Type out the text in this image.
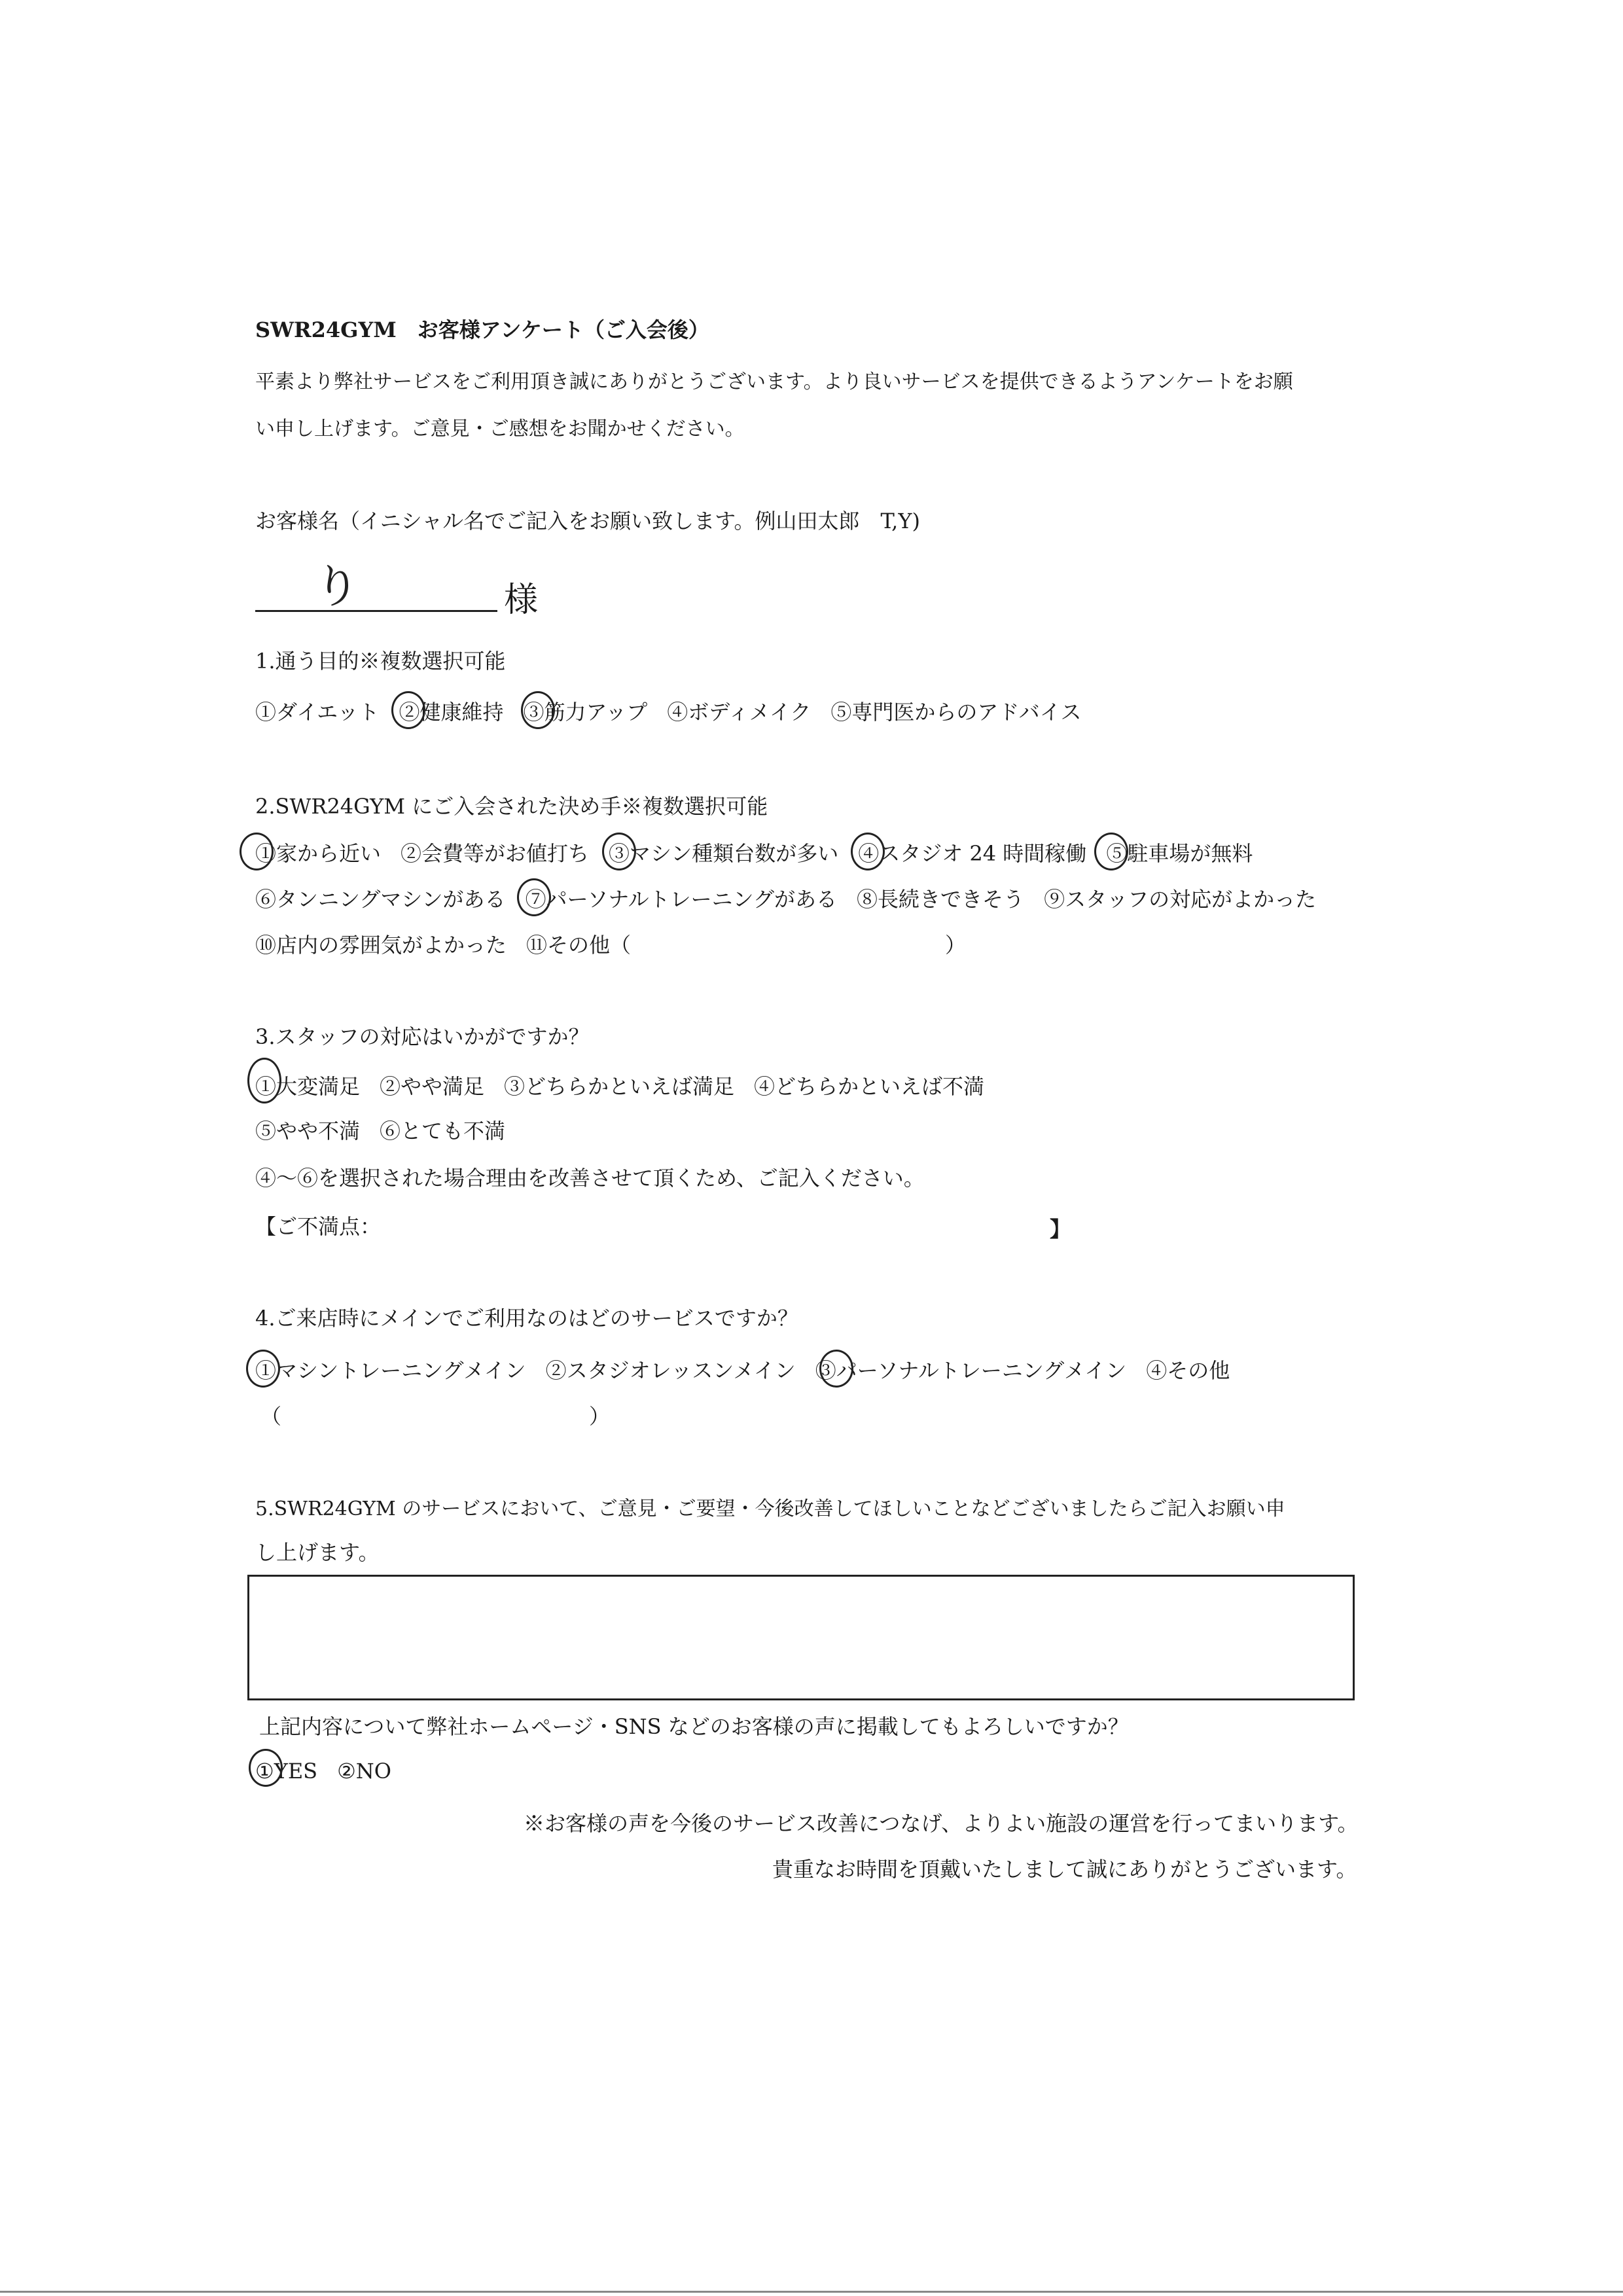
SWR24GYM　お客様アンケート（ご入会後）
平素より弊社サービスをご利用頂き誠にありがとうございます。より良いサービスを提供できるようアンケートをお願
い申し上げます。ご意見・ご感想をお聞かせください。
お客様名（イニシャル名でご記入をお願い致します。例山田太郎　T,Y)
り	様
1.通う目的※複数選択可能
①ダイエット ②健康維持 ③筋力アップ ④ボディメイク ⑤専門医からのアドバイス
2.SWR24GYM にご入会された決め手※複数選択可能
①家から近い ②会費等がお値打ち ③マシン種類台数が多い ④スタジオ 24 時間稼働 ⑤駐車場が無料
⑥タンニングマシンがある ⑦パーソナルトレーニングがある ⑧長続きできそう ⑨スタッフの対応がよかった
⑩店内の雰囲気がよかった ⑪その他（	）
3.スタッフの対応はいかがですか？
①大変満足 ②やや満足 ③どちらかといえば満足 ④どちらかといえば不満
⑤やや不満 ⑥とても不満
④～⑥を選択された場合理由を改善させて頂くため、ご記入ください。
【ご不満点：	】
4.ご来店時にメインでご利用なのはどのサービスですか？
①マシントレーニングメイン ②スタジオレッスンメイン ③パーソナルトレーニングメイン ④その他
（	）
5.SWR24GYM のサービスにおいて、ご意見・ご要望・今後改善してほしいことなどございましたらご記入お願い申
し上げます。
上記内容について弊社ホームページ・SNS などのお客様の声に掲載してもよろしいですか？
①YES ②NO
※お客様の声を今後のサービス改善につなげ、よりよい施設の運営を行ってまいります。
貴重なお時間を頂戴いたしまして誠にありがとうございます。
